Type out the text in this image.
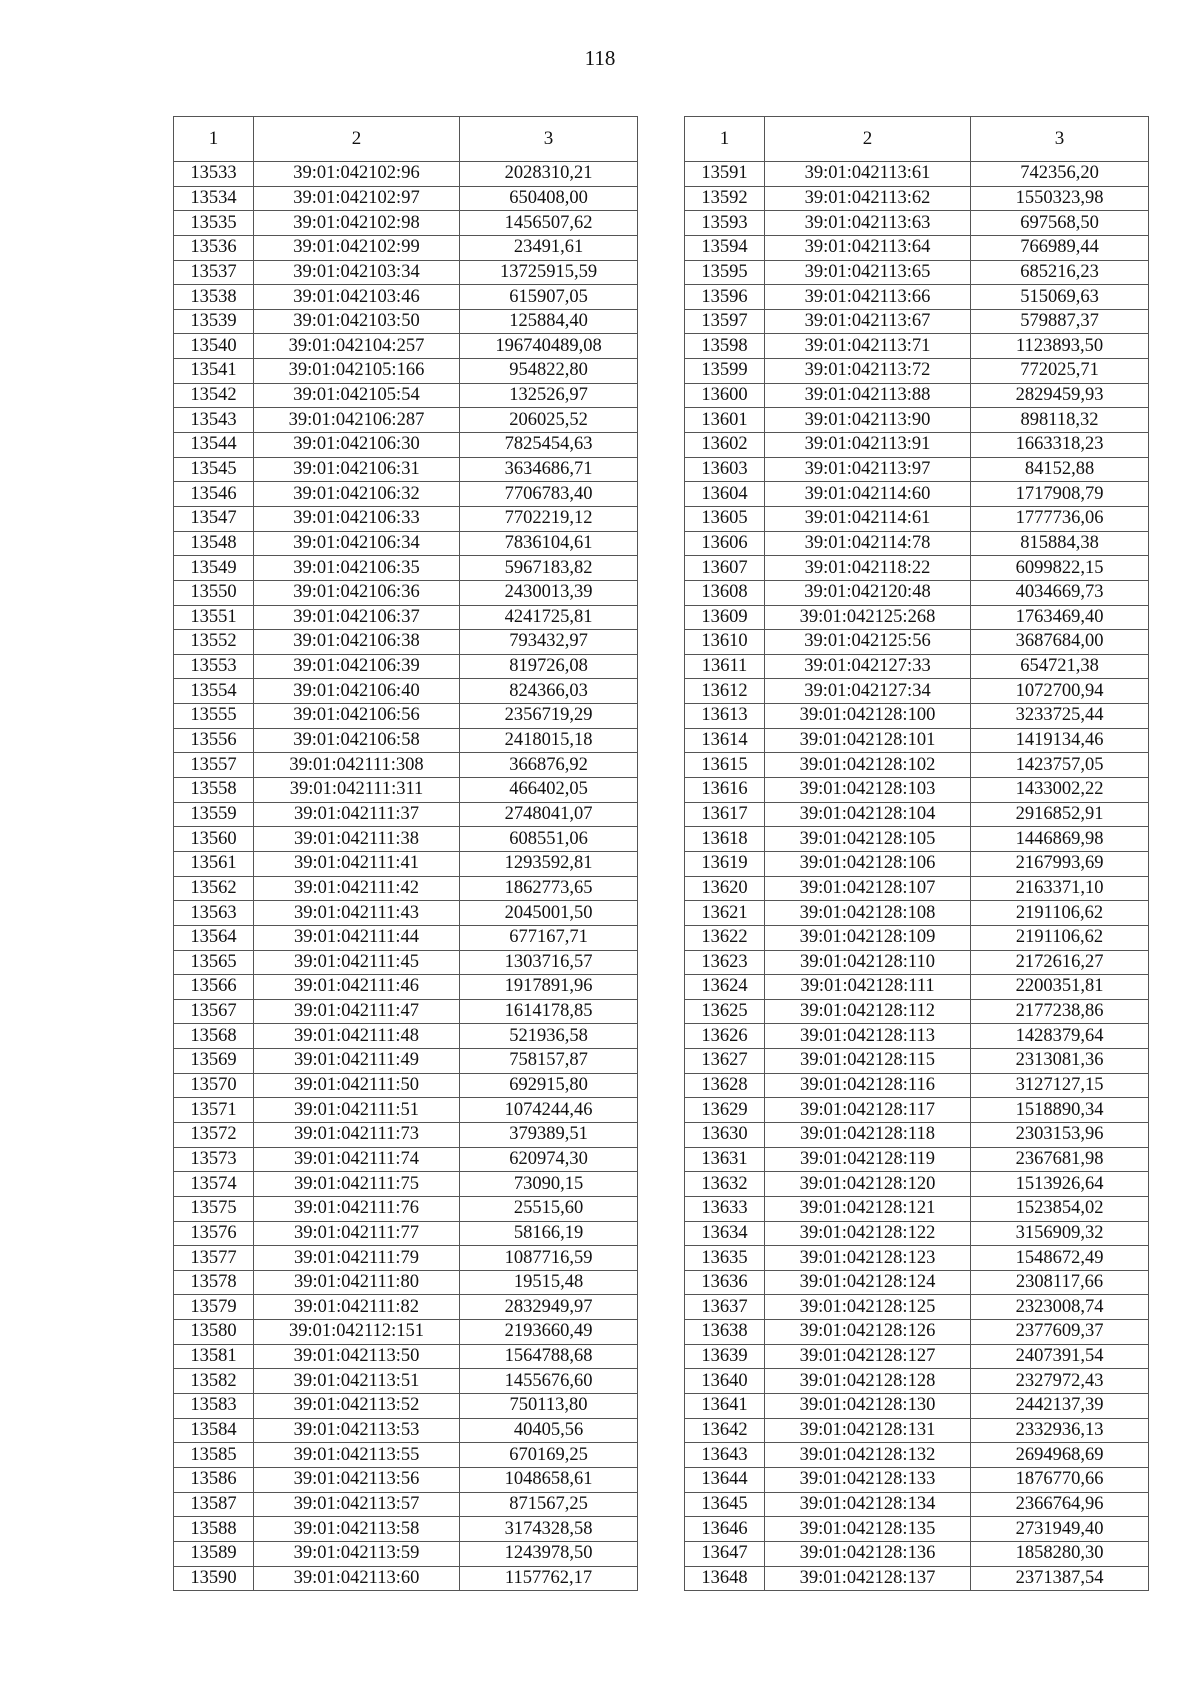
118
1	2	3
13533	39:01:042102:96	2028310,21
13534	39:01:042102:97	650408,00
13535	39:01:042102:98	1456507,62
13536	39:01:042102:99	23491,61
13537	39:01:042103:34	13725915,59
13538	39:01:042103:46	615907,05
13539	39:01:042103:50	125884,40
13540	39:01:042104:257	196740489,08
13541	39:01:042105:166	954822,80
13542	39:01:042105:54	132526,97
13543	39:01:042106:287	206025,52
13544	39:01:042106:30	7825454,63
13545	39:01:042106:31	3634686,71
13546	39:01:042106:32	7706783,40
13547	39:01:042106:33	7702219,12
13548	39:01:042106:34	7836104,61
13549	39:01:042106:35	5967183,82
13550	39:01:042106:36	2430013,39
13551	39:01:042106:37	4241725,81
13552	39:01:042106:38	793432,97
13553	39:01:042106:39	819726,08
13554	39:01:042106:40	824366,03
13555	39:01:042106:56	2356719,29
13556	39:01:042106:58	2418015,18
13557	39:01:042111:308	366876,92
13558	39:01:042111:311	466402,05
13559	39:01:042111:37	2748041,07
13560	39:01:042111:38	608551,06
13561	39:01:042111:41	1293592,81
13562	39:01:042111:42	1862773,65
13563	39:01:042111:43	2045001,50
13564	39:01:042111:44	677167,71
13565	39:01:042111:45	1303716,57
13566	39:01:042111:46	1917891,96
13567	39:01:042111:47	1614178,85
13568	39:01:042111:48	521936,58
13569	39:01:042111:49	758157,87
13570	39:01:042111:50	692915,80
13571	39:01:042111:51	1074244,46
13572	39:01:042111:73	379389,51
13573	39:01:042111:74	620974,30
13574	39:01:042111:75	73090,15
13575	39:01:042111:76	25515,60
13576	39:01:042111:77	58166,19
13577	39:01:042111:79	1087716,59
13578	39:01:042111:80	19515,48
13579	39:01:042111:82	2832949,97
13580	39:01:042112:151	2193660,49
13581	39:01:042113:50	1564788,68
13582	39:01:042113:51	1455676,60
13583	39:01:042113:52	750113,80
13584	39:01:042113:53	40405,56
13585	39:01:042113:55	670169,25
13586	39:01:042113:56	1048658,61
13587	39:01:042113:57	871567,25
13588	39:01:042113:58	3174328,58
13589	39:01:042113:59	1243978,50
13590	39:01:042113:60	1157762,17
1	2	3
13591	39:01:042113:61	742356,20
13592	39:01:042113:62	1550323,98
13593	39:01:042113:63	697568,50
13594	39:01:042113:64	766989,44
13595	39:01:042113:65	685216,23
13596	39:01:042113:66	515069,63
13597	39:01:042113:67	579887,37
13598	39:01:042113:71	1123893,50
13599	39:01:042113:72	772025,71
13600	39:01:042113:88	2829459,93
13601	39:01:042113:90	898118,32
13602	39:01:042113:91	1663318,23
13603	39:01:042113:97	84152,88
13604	39:01:042114:60	1717908,79
13605	39:01:042114:61	1777736,06
13606	39:01:042114:78	815884,38
13607	39:01:042118:22	6099822,15
13608	39:01:042120:48	4034669,73
13609	39:01:042125:268	1763469,40
13610	39:01:042125:56	3687684,00
13611	39:01:042127:33	654721,38
13612	39:01:042127:34	1072700,94
13613	39:01:042128:100	3233725,44
13614	39:01:042128:101	1419134,46
13615	39:01:042128:102	1423757,05
13616	39:01:042128:103	1433002,22
13617	39:01:042128:104	2916852,91
13618	39:01:042128:105	1446869,98
13619	39:01:042128:106	2167993,69
13620	39:01:042128:107	2163371,10
13621	39:01:042128:108	2191106,62
13622	39:01:042128:109	2191106,62
13623	39:01:042128:110	2172616,27
13624	39:01:042128:111	2200351,81
13625	39:01:042128:112	2177238,86
13626	39:01:042128:113	1428379,64
13627	39:01:042128:115	2313081,36
13628	39:01:042128:116	3127127,15
13629	39:01:042128:117	1518890,34
13630	39:01:042128:118	2303153,96
13631	39:01:042128:119	2367681,98
13632	39:01:042128:120	1513926,64
13633	39:01:042128:121	1523854,02
13634	39:01:042128:122	3156909,32
13635	39:01:042128:123	1548672,49
13636	39:01:042128:124	2308117,66
13637	39:01:042128:125	2323008,74
13638	39:01:042128:126	2377609,37
13639	39:01:042128:127	2407391,54
13640	39:01:042128:128	2327972,43
13641	39:01:042128:130	2442137,39
13642	39:01:042128:131	2332936,13
13643	39:01:042128:132	2694968,69
13644	39:01:042128:133	1876770,66
13645	39:01:042128:134	2366764,96
13646	39:01:042128:135	2731949,40
13647	39:01:042128:136	1858280,30
13648	39:01:042128:137	2371387,54
